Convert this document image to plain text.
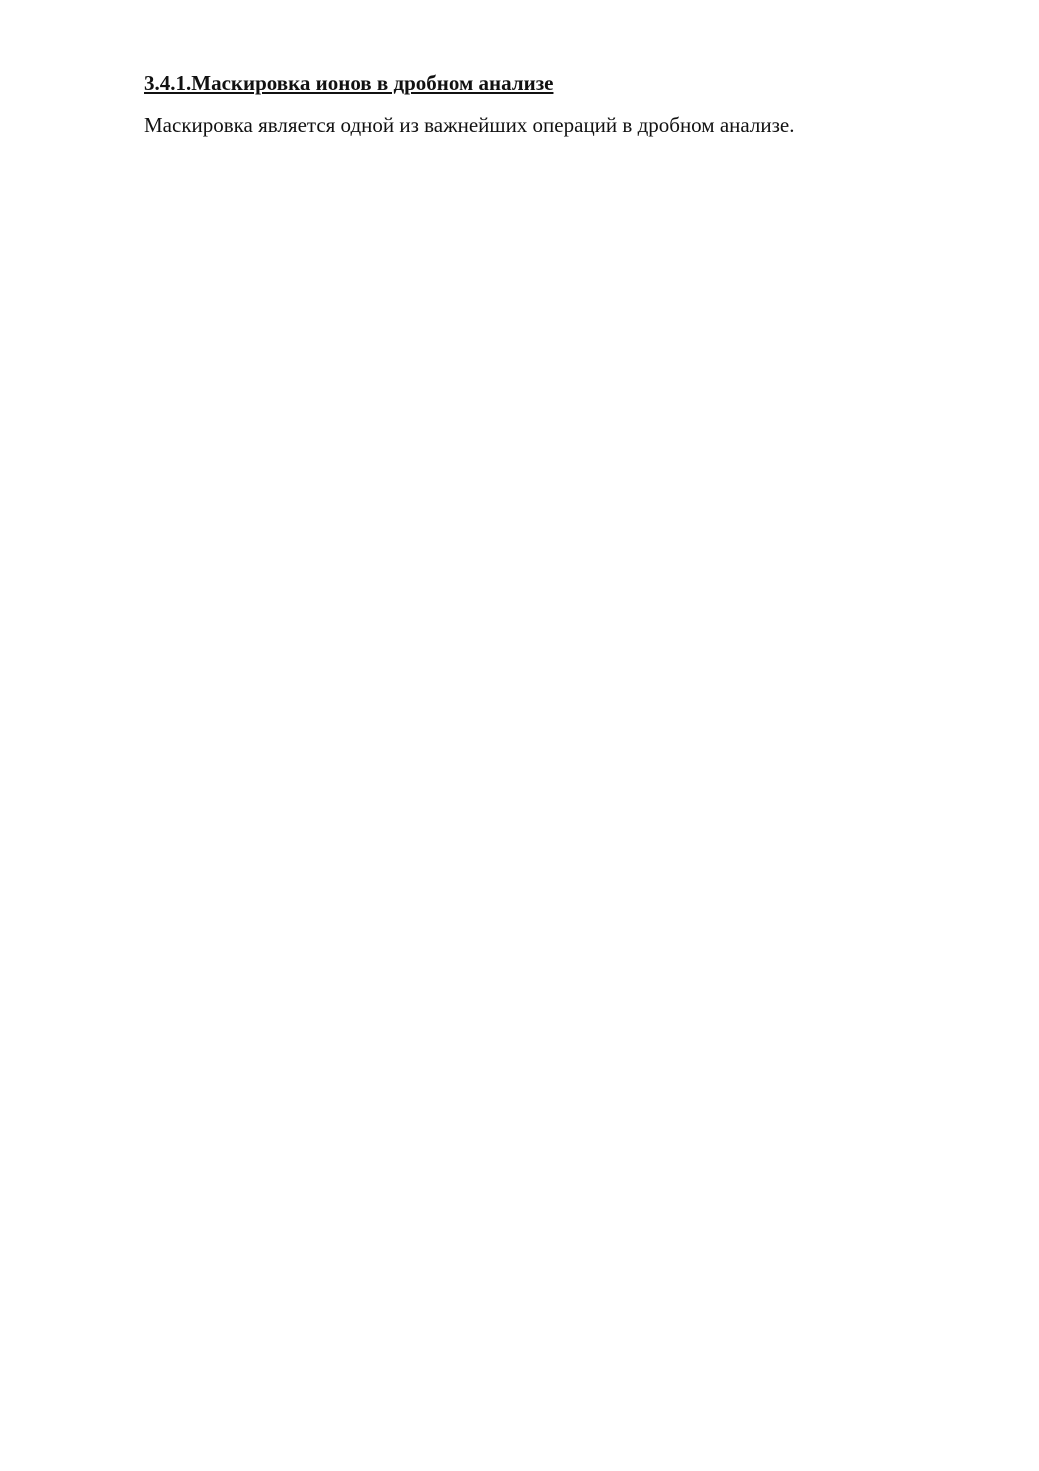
3.4.1.Маскировка ионов в дробном анализе

Маскировка является одной из важнейших операций в дробном анализе.
